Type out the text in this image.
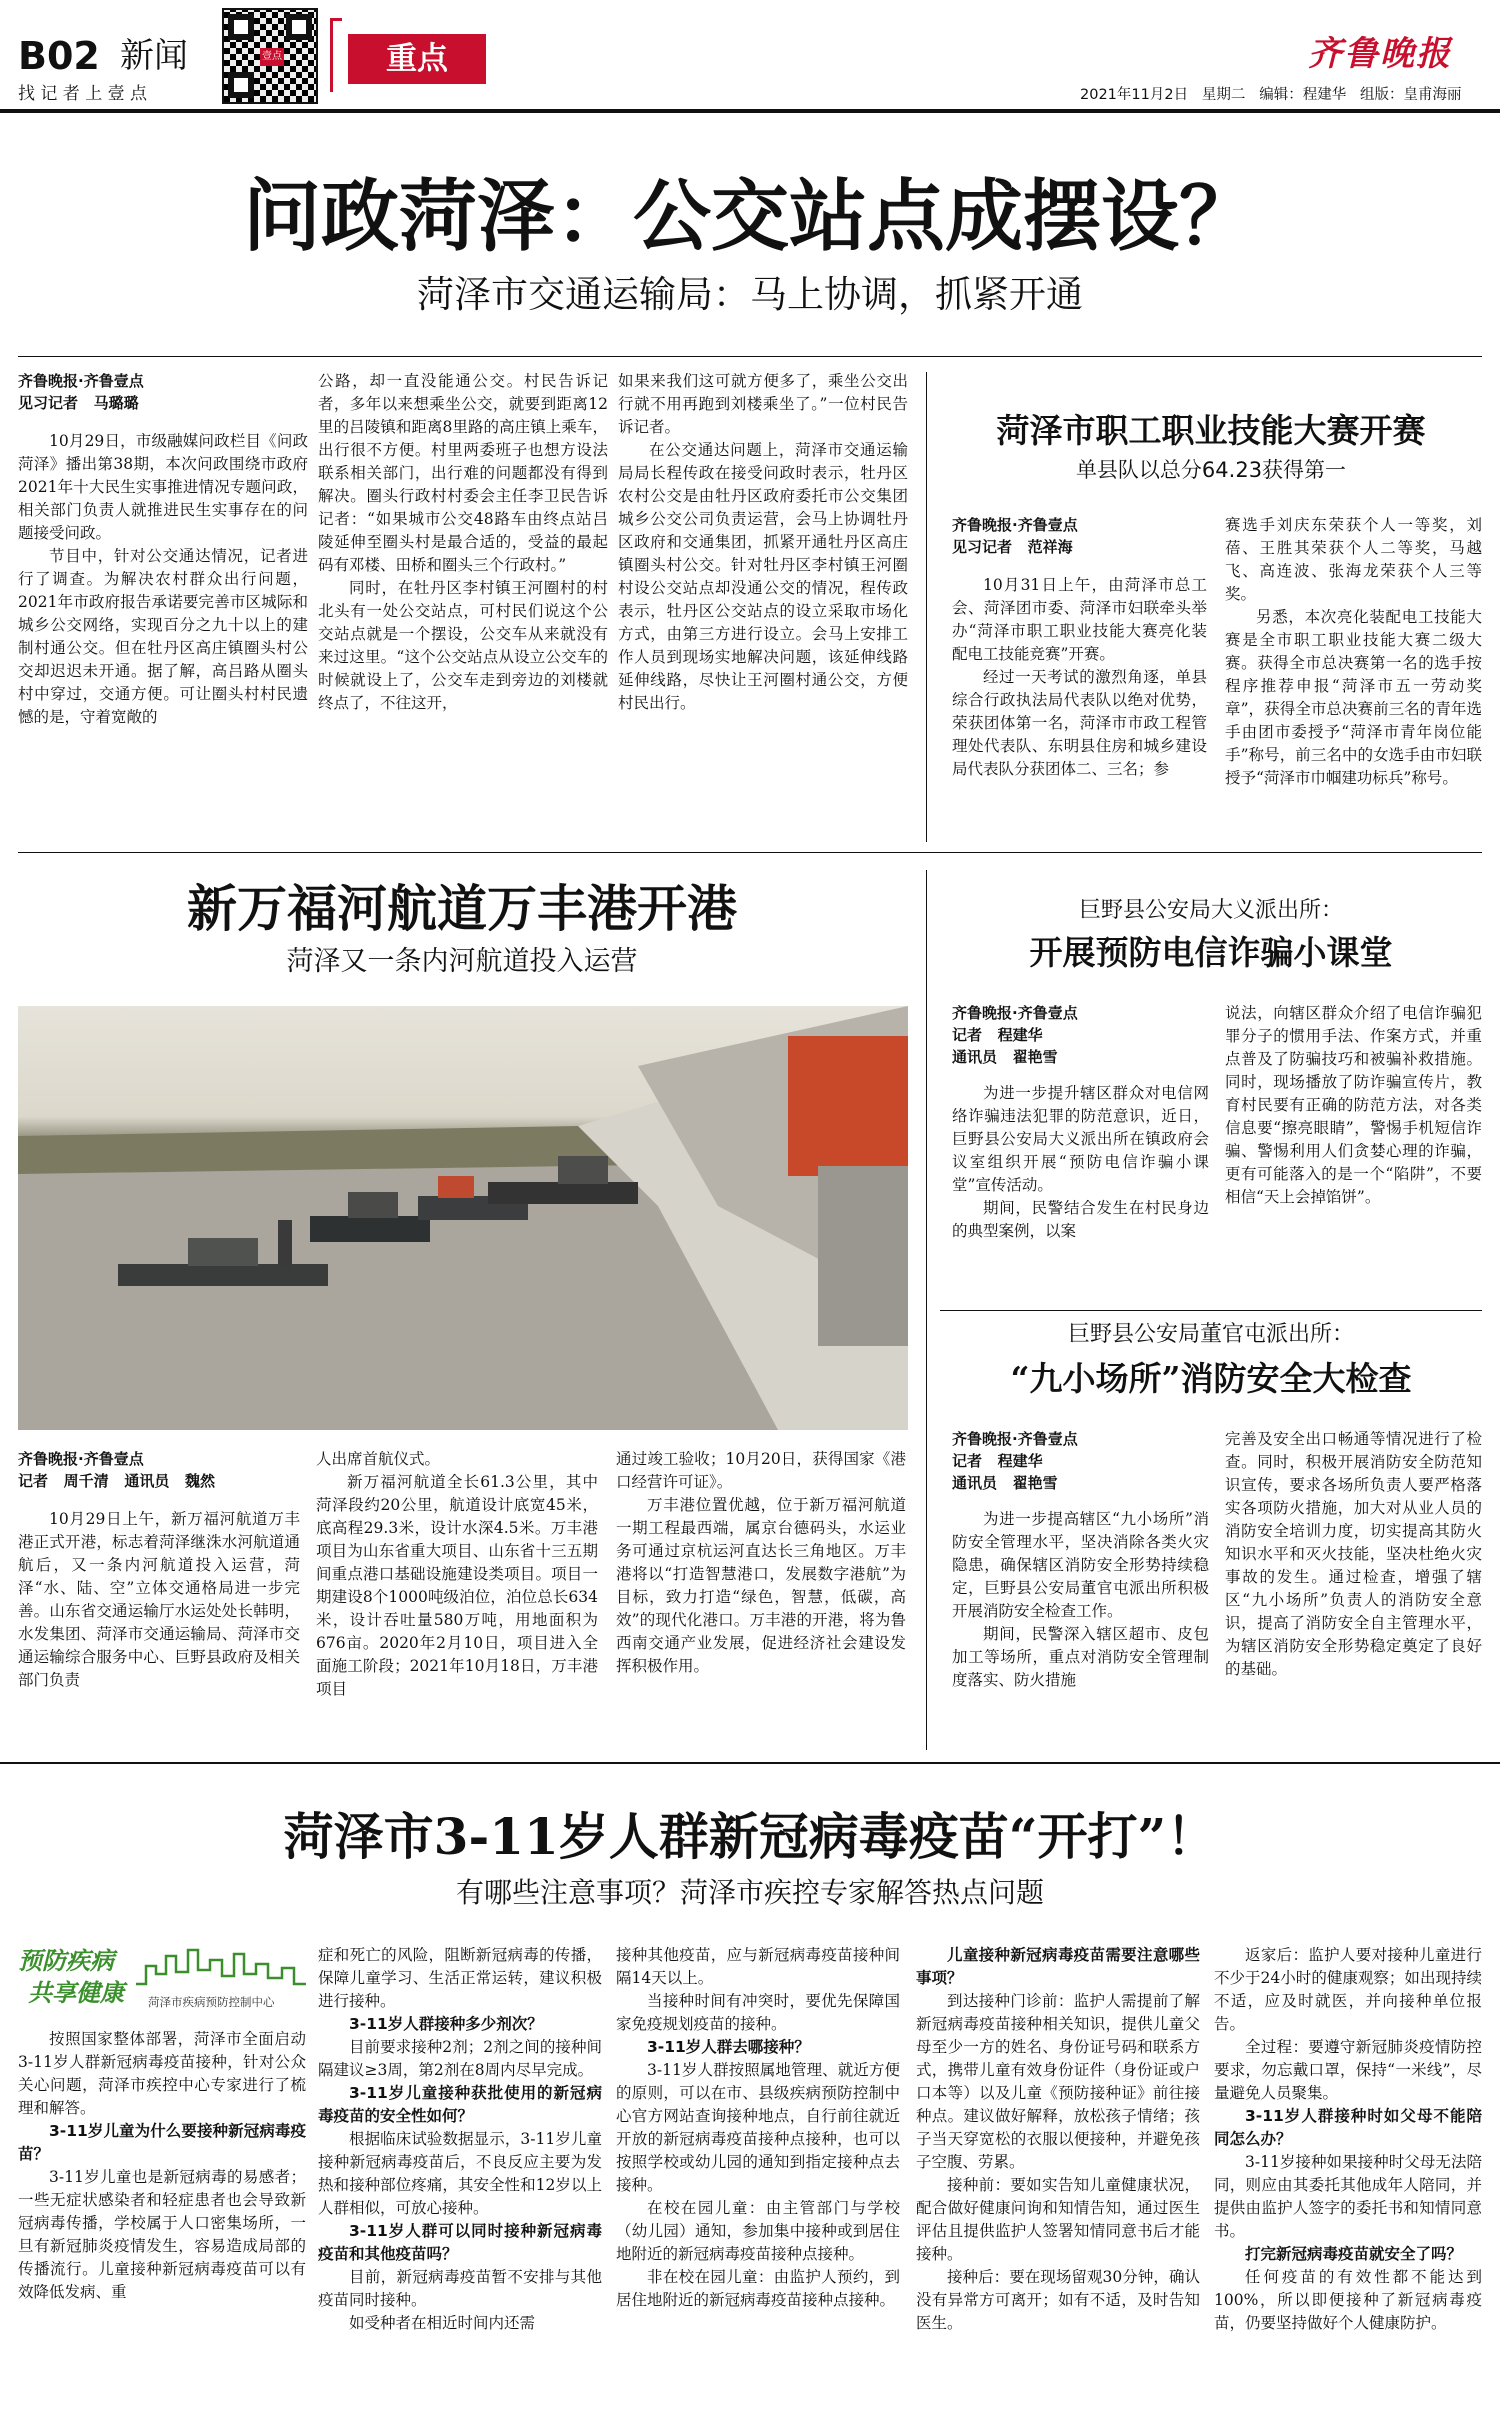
B02 新闻
找 记 者 上 壹 点
壹点	重点	齐鲁晚报
2021年11月2日   星期二   编辑：程建华   组版：皇甫海丽
问政菏泽：公交站点成摆设？
菏泽市交通运输局：马上协调，抓紧开通
齐鲁晚报·齐鲁壹点
见习记者   马璐璐

10月29日，市级融媒问政栏目《问政菏泽》播出第38期，本次问政围绕市政府2021年十大民生实事推进情况专题问政，相关部门负责人就推进民生实事存在的问题接受问政。

节目中，针对公交通达情况，记者进行了调查。为解决农村群众出行问题，2021年市政府报告承诺要完善市区城际和城乡公交网络，实现百分之九十以上的建制村通公交。但在牡丹区高庄镇圈头村公交却迟迟未开通。据了解，高吕路从圈头村中穿过，交通方便。可让圈头村村民遗憾的是，守着宽敞的

公路，却一直没能通公交。村民告诉记者，多年以来想乘坐公交，就要到距离12里的吕陵镇和距离8里路的高庄镇上乘车，出行很不方便。村里两委班子也想方设法联系相关部门，出行难的问题都没有得到解决。圈头行政村村委会主任李卫民告诉记者：“如果城市公交48路车由终点站吕陵延伸至圈头村是最合适的，受益的最起码有邓楼、田桥和圈头三个行政村。”

同时，在牡丹区李村镇王河圈村的村北头有一处公交站点，可村民们说这个公交站点就是一个摆设，公交车从来就没有来过这里。“这个公交站点从设立公交车的时候就设上了，公交车走到旁边的刘楼就终点了，不往这开，

如果来我们这可就方便多了，乘坐公交出行就不用再跑到刘楼乘坐了。”一位村民告诉记者。

在公交通达问题上，菏泽市交通运输局局长程传政在接受问政时表示，牡丹区农村公交是由牡丹区政府委托市公交集团城乡公交公司负责运营，会马上协调牡丹区政府和交通集团，抓紧开通牡丹区高庄镇圈头村公交。针对牡丹区李村镇王河圈村设公交站点却没通公交的情况，程传政表示，牡丹区公交站点的设立采取市场化方式，由第三方进行设立。会马上安排工作人员到现场实地解决问题，该延伸线路延伸线路，尽快让王河圈村通公交，方便村民出行。

菏泽市职工职业技能大赛开赛
单县队以总分64.23获得第一
齐鲁晚报·齐鲁壹点
见习记者   范祥海

10月31日上午，由菏泽市总工会、菏泽团市委、菏泽市妇联牵头举办“菏泽市职工职业技能大赛亮化装配电工技能竞赛”开赛。

经过一天考试的激烈角逐，单县综合行政执法局代表队以绝对优势，荣获团体第一名，菏泽市市政工程管理处代表队、东明县住房和城乡建设局代表队分获团体二、三名；参

赛选手刘庆东荣获个人一等奖，刘蓓、王胜其荣获个人二等奖，马越飞、高连波、张海龙荣获个人三等奖。

另悉，本次亮化装配电工技能大赛是全市职工职业技能大赛二级大赛。获得全市总决赛第一名的选手按程序推荐申报“菏泽市五一劳动奖章”，获得全市总决赛前三名的青年选手由团市委授予“菏泽市青年岗位能手”称号，前三名中的女选手由市妇联授予“菏泽市巾帼建功标兵”称号。

新万福河航道万丰港开港
菏泽又一条内河航道投入运营
齐鲁晚报·齐鲁壹点
记者   周千清   通讯员   魏然

10月29日上午，新万福河航道万丰港正式开港，标志着菏泽继洙水河航道通航后，又一条内河航道投入运营，菏泽“水、陆、空”立体交通格局进一步完善。山东省交通运输厅水运处处长韩明，水发集团、菏泽市交通运输局、菏泽市交通运输综合服务中心、巨野县政府及相关部门负责

人出席首航仪式。

新万福河航道全长61.3公里，其中菏泽段约20公里，航道设计底宽45米，底高程29.3米，设计水深4.5米。万丰港项目为山东省重大项目、山东省十三五期间重点港口基础设施建设类项目。项目一期建设8个1000吨级泊位，泊位总长634米，设计吞吐量580万吨，用地面积为676亩。2020年2月10日，项目进入全面施工阶段；2021年10月18日，万丰港项目

通过竣工验收；10月20日，获得国家《港口经营许可证》。

万丰港位置优越，位于新万福河航道一期工程最西端，属京台德码头，水运业务可通过京杭运河直达长三角地区。万丰港将以“打造智慧港口，发展数字港航”为目标，致力打造“绿色，智慧，低碳，高效”的现代化港口。万丰港的开港，将为鲁西南交通产业发展，促进经济社会建设发挥积极作用。

巨野县公安局大义派出所：
开展预防电信诈骗小课堂
齐鲁晚报·齐鲁壹点
记者   程建华
通讯员   翟艳雪

为进一步提升辖区群众对电信网络诈骗违法犯罪的防范意识，近日，巨野县公安局大义派出所在镇政府会议室组织开展“预防电信诈骗小课堂”宣传活动。

期间，民警结合发生在村民身边的典型案例，以案

说法，向辖区群众介绍了电信诈骗犯罪分子的惯用手法、作案方式，并重点普及了防骗技巧和被骗补救措施。同时，现场播放了防诈骗宣传片，教育村民要有正确的防范方法，对各类信息要“擦亮眼睛”，警惕手机短信诈骗、警惕利用人们贪婪心理的诈骗，更有可能落入的是一个“陷阱”，不要相信“天上会掉馅饼”。

巨野县公安局董官屯派出所：
“九小场所”消防安全大检查
齐鲁晚报·齐鲁壹点
记者   程建华
通讯员   翟艳雪

为进一步提高辖区“九小场所”消防安全管理水平，坚决消除各类火灾隐患，确保辖区消防安全形势持续稳定，巨野县公安局董官屯派出所积极开展消防安全检查工作。

期间，民警深入辖区超市、皮包加工等场所，重点对消防安全管理制度落实、防火措施

完善及安全出口畅通等情况进行了检查。同时，积极开展消防安全防范知识宣传，要求各场所负责人要严格落实各项防火措施，加大对从业人员的消防安全培训力度，切实提高其防火知识水平和灭火技能，坚决杜绝火灾事故的发生。通过检查，增强了辖区“九小场所”负责人的消防安全意识，提高了消防安全自主管理水平，为辖区消防安全形势稳定奠定了良好的基础。

菏泽市3-11岁人群新冠病毒疫苗“开打”！
有哪些注意事项？菏泽市疾控专家解答热点问题
预防疾病
共享健康 菏泽市疾病预防控制中心

按照国家整体部署，菏泽市全面启动3-11岁人群新冠病毒疫苗接种，针对公众关心问题，菏泽市疾控中心专家进行了梳理和解答。

3-11岁儿童为什么要接种新冠病毒疫苗？

3-11岁儿童也是新冠病毒的易感者；一些无症状感染者和轻症患者也会导致新冠病毒传播，学校属于人口密集场所，一旦有新冠肺炎疫情发生，容易造成局部的传播流行。儿童接种新冠病毒疫苗可以有效降低发病、重

症和死亡的风险，阻断新冠病毒的传播，保障儿童学习、生活正常运转，建议积极进行接种。

3-11岁人群接种多少剂次？

目前要求接种2剂；2剂之间的接种间隔建议≥3周，第2剂在8周内尽早完成。

3-11岁儿童接种获批使用的新冠病毒疫苗的安全性如何？

根据临床试验数据显示，3-11岁儿童接种新冠病毒疫苗后，不良反应主要为发热和接种部位疼痛，其安全性和12岁以上人群相似，可放心接种。

3-11岁人群可以同时接种新冠病毒疫苗和其他疫苗吗？

目前，新冠病毒疫苗暂不安排与其他疫苗同时接种。

如受种者在相近时间内还需

接种其他疫苗，应与新冠病毒疫苗接种间隔14天以上。

当接种时间有冲突时，要优先保障国家免疫规划疫苗的接种。

3-11岁人群去哪接种？

3-11岁人群按照属地管理、就近方便的原则，可以在市、县级疾病预防控制中心官方网站查询接种地点，自行前往就近开放的新冠病毒疫苗接种点接种，也可以按照学校或幼儿园的通知到指定接种点去接种。

在校在园儿童：由主管部门与学校（幼儿园）通知，参加集中接种或到居住地附近的新冠病毒疫苗接种点接种。

非在校在园儿童：由监护人预约，到居住地附近的新冠病毒疫苗接种点接种。

儿童接种新冠病毒疫苗需要注意哪些事项？

到达接种门诊前：监护人需提前了解新冠病毒疫苗接种相关知识，提供儿童父母至少一方的姓名、身份证号码和联系方式，携带儿童有效身份证件（身份证或户口本等）以及儿童《预防接种证》前往接种点。建议做好解释，放松孩子情绪；孩子当天穿宽松的衣服以便接种，并避免孩子空腹、劳累。

接种前：要如实告知儿童健康状况，配合做好健康问询和知情告知，通过医生评估且提供监护人签署知情同意书后才能接种。

接种后：要在现场留观30分钟，确认没有异常方可离开；如有不适，及时告知医生。

返家后：监护人要对接种儿童进行不少于24小时的健康观察；如出现持续不适，应及时就医，并向接种单位报告。

全过程：要遵守新冠肺炎疫情防控要求，勿忘戴口罩，保持“一米线”，尽量避免人员聚集。

3-11岁人群接种时如父母不能陪同怎么办？

3-11岁接种如果接种时父母无法陪同，则应由其委托其他成年人陪同，并提供由监护人签字的委托书和知情同意书。

打完新冠病毒疫苗就安全了吗？

任何疫苗的有效性都不能达到100%，所以即便接种了新冠病毒疫苗，仍要坚持做好个人健康防护。
